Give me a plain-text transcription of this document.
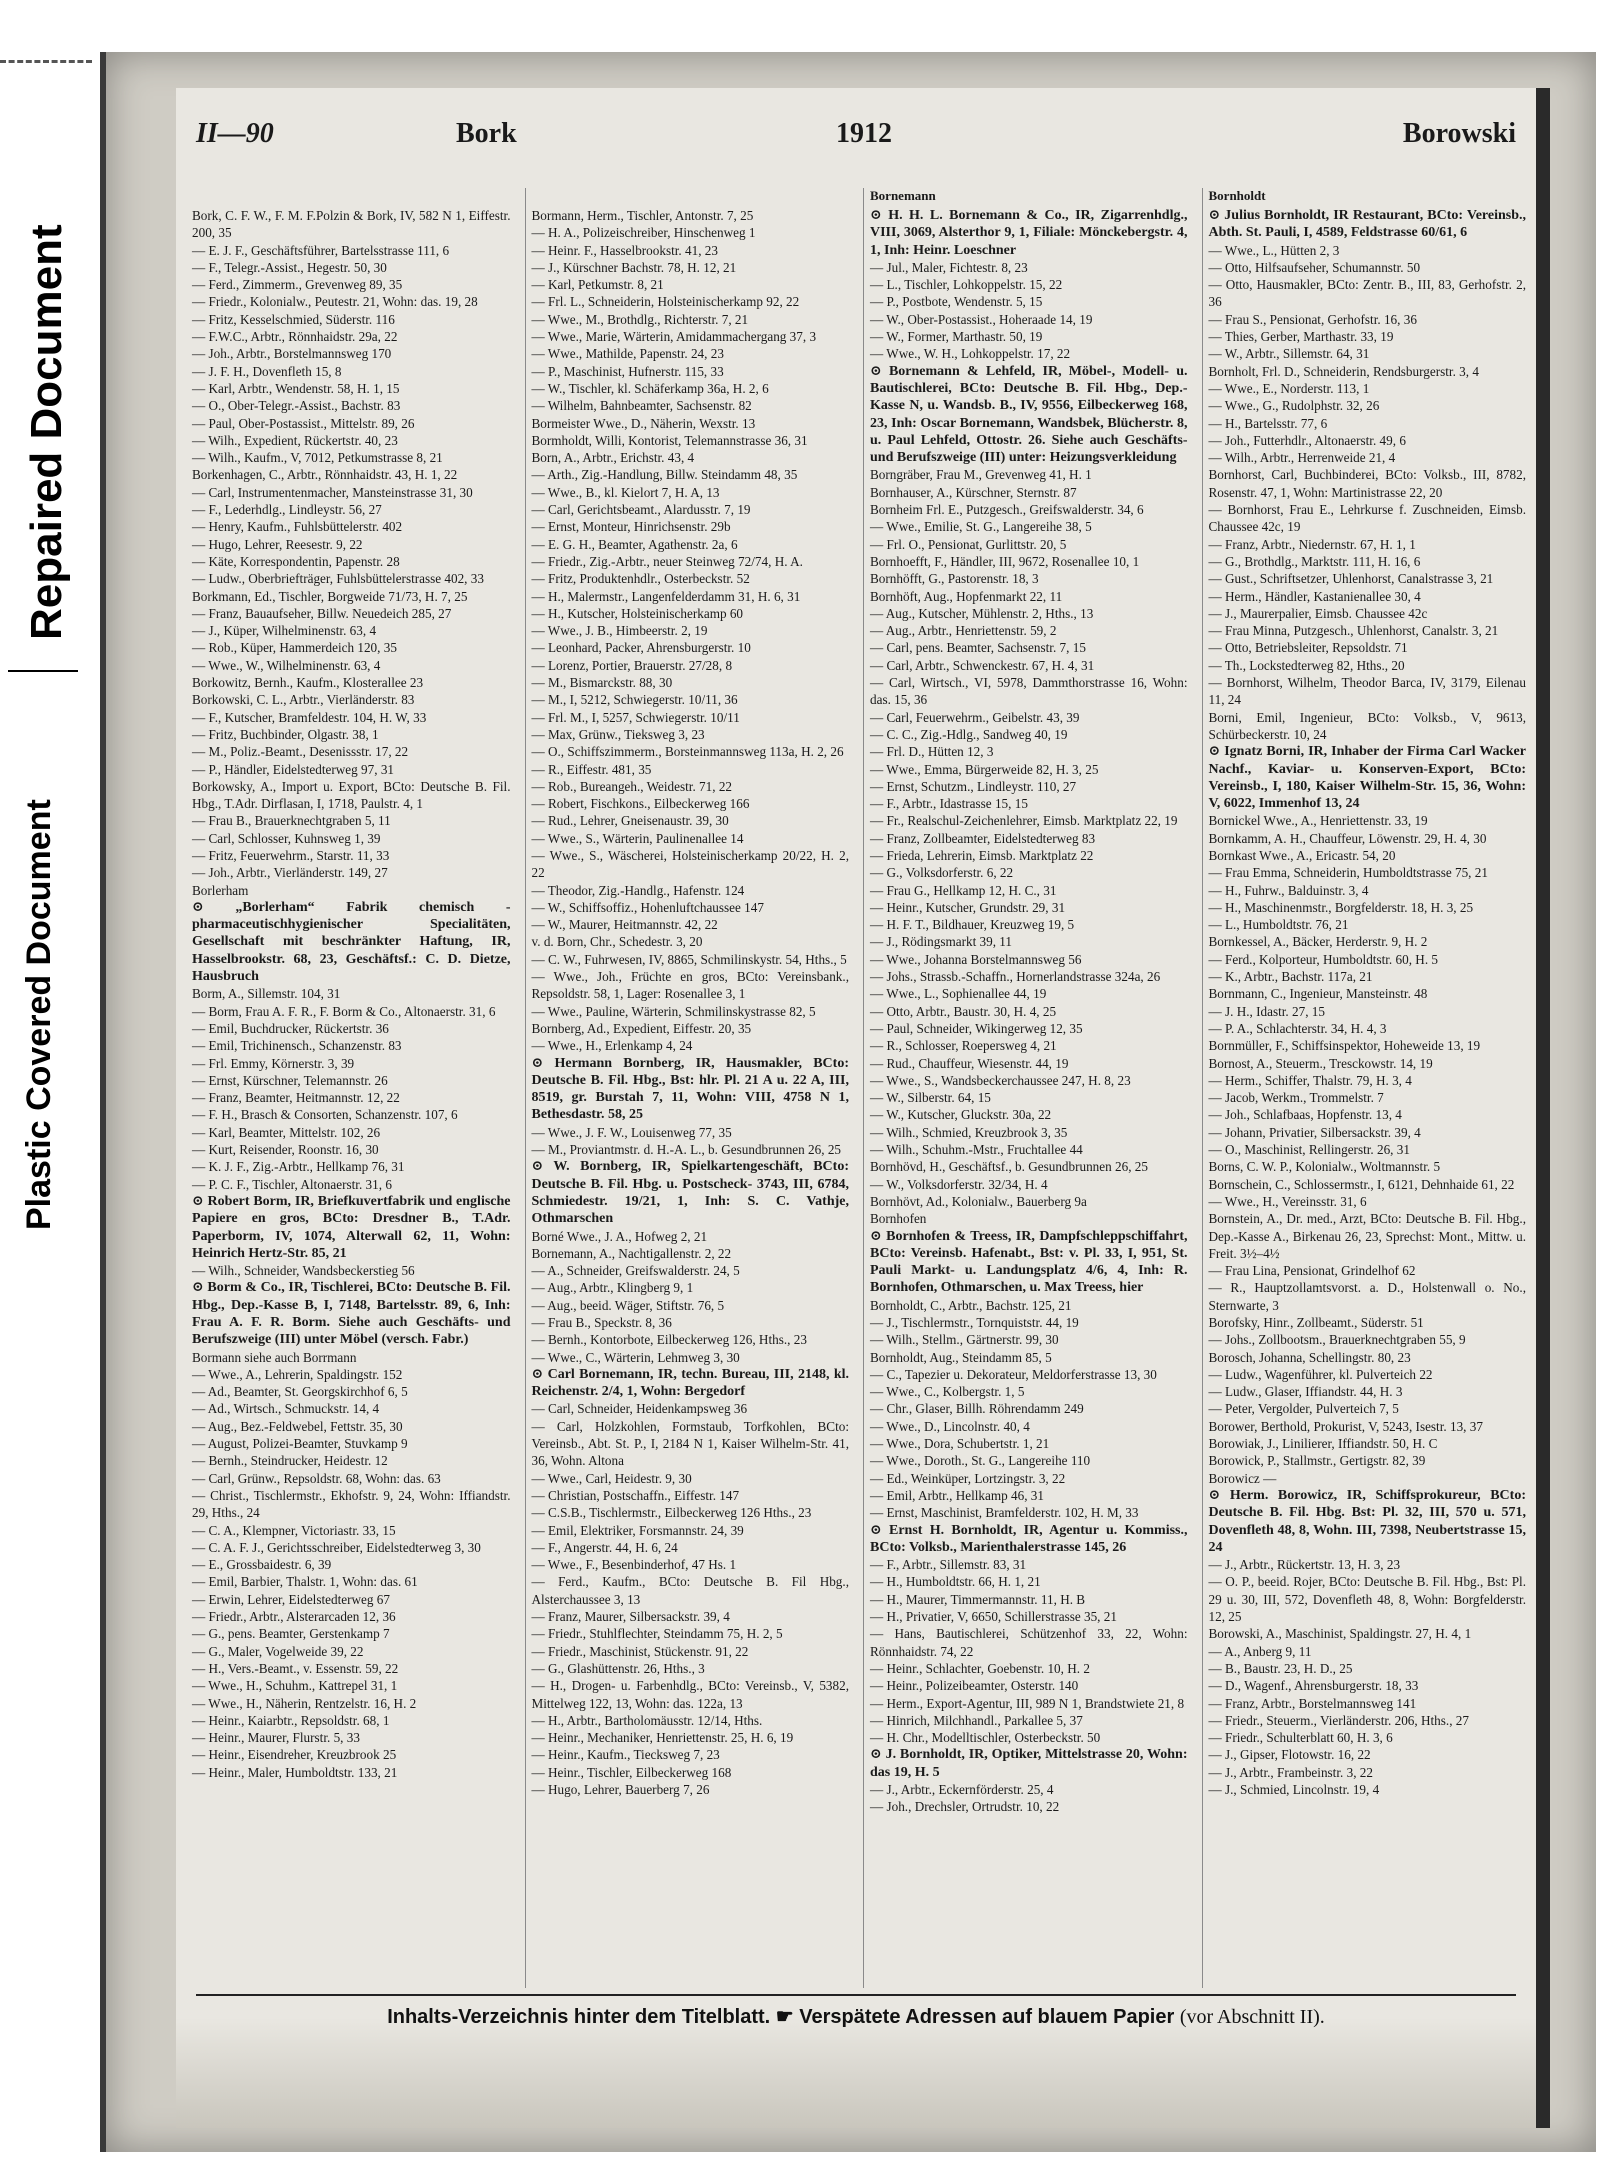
Repaired Document
Plastic Covered Document
II—90	Bork	1912	Borowski

Bork, C. F. W., F. M. F.Polzin & Bork, IV, 582 N 1, Eiffestr. 200, 35

— E. J. F., Geschäftsführer, Bartelsstrasse 111, 6

— F., Telegr.-Assist., Hegestr. 50, 30

— Ferd., Zimmerm., Grevenweg 89, 35

— Friedr., Kolonialw., Peutestr. 21, Wohn: das. 19, 28

— Fritz, Kesselschmied, Süderstr. 116

— F.W.C., Arbtr., Rönnhaidstr. 29a, 22

— Joh., Arbtr., Borstelmannsweg 170

— J. F. H., Dovenfleth 15, 8

— Karl, Arbtr., Wendenstr. 58, H. 1, 15

— O., Ober-Telegr.-Assist., Bachstr. 83

— Paul, Ober-Postassist., Mittelstr. 89, 26

— Wilh., Expedient, Rückertstr. 40, 23

— Wilh., Kaufm., V, 7012, Petkumstrasse 8, 21

Borkenhagen, C., Arbtr., Rönnhaidstr. 43, H. 1, 22

— Carl, Instrumentenmacher, Mansteinstrasse 31, 30

— F., Lederhdlg., Lindleystr. 56, 27

— Henry, Kaufm., Fuhlsbüttelerstr. 402

— Hugo, Lehrer, Reesestr. 9, 22

— Käte, Korrespondentin, Papenstr. 28

— Ludw., Oberbriefträger, Fuhlsbüttelerstrasse 402, 33

Borkmann, Ed., Tischler, Borgweide 71/73, H. 7, 25

— Franz, Bauaufseher, Billw. Neuedeich 285, 27

— J., Küper, Wilhelminenstr. 63, 4

— Rob., Küper, Hammerdeich 120, 35

— Wwe., W., Wilhelminenstr. 63, 4

Borkowitz, Bernh., Kaufm., Klosterallee 23

Borkowski, C. L., Arbtr., Vierländerstr. 83

— F., Kutscher, Bramfeldestr. 104, H. W, 33

— Fritz, Buchbinder, Olgastr. 38, 1

— M., Poliz.-Beamt., Desenissstr. 17, 22

— P., Händler, Eidelstedterweg 97, 31

Borkowsky, A., Import u. Export, BCto: Deutsche B. Fil. Hbg., T.Adr. Dirflasan, I, 1718, Paulstr. 4, 1

— Frau B., Brauerknechtgraben 5, 11

— Carl, Schlosser, Kuhnsweg 1, 39

— Fritz, Feuerwehrm., Starstr. 11, 33

— Joh., Arbtr., Vierländerstr. 149, 27

Borlerham

⊙ „Borlerham“ Fabrik chemisch - pharmaceutischhygienischer Specialitäten, Gesellschaft mit beschränkter Haftung, IR, Hasselbrookstr. 68, 23, Geschäftsf.: C. D. Dietze, Hausbruch

Borm, A., Sillemstr. 104, 31

— Borm, Frau A. F. R., F. Borm & Co., Altonaerstr. 31, 6

— Emil, Buchdrucker, Rückertstr. 36

— Emil, Trichinensch., Schanzenstr. 83

— Frl. Emmy, Körnerstr. 3, 39

— Ernst, Kürschner, Telemannstr. 26

— Franz, Beamter, Heitmannstr. 12, 22

— F. H., Brasch & Consorten, Schanzenstr. 107, 6

— Karl, Beamter, Mittelstr. 102, 26

— Kurt, Reisender, Roonstr. 16, 30

— K. J. F., Zig.-Arbtr., Hellkamp 76, 31

— P. C. F., Tischler, Altonaerstr. 31, 6

⊙ Robert Borm, IR, Briefkuvertfabrik und englische Papiere en gros, BCto: Dresdner B., T.Adr. Paperborm, IV, 1074, Alterwall 62, 11, Wohn: Heinrich Hertz-Str. 85, 21

— Wilh., Schneider, Wandsbeckerstieg 56

⊙ Borm & Co., IR, Tischlerei, BCto: Deutsche B. Fil. Hbg., Dep.-Kasse B, I, 7148, Bartelsstr. 89, 6, Inh: Frau A. F. R. Borm. Siehe auch Geschäfts- und Berufszweige (III) unter Möbel (versch. Fabr.)

Bormann siehe auch Borrmann

— Wwe., A., Lehrerin, Spaldingstr. 152

— Ad., Beamter, St. Georgskirchhof 6, 5

— Ad., Wirtsch., Schmuckstr. 14, 4

— Aug., Bez.-Feldwebel, Fettstr. 35, 30

— August, Polizei-Beamter, Stuvkamp 9

— Bernh., Steindrucker, Heidestr. 12

— Carl, Grünw., Repsoldstr. 68, Wohn: das. 63

— Christ., Tischlermstr., Ekhofstr. 9, 24, Wohn: Iffiandstr. 29, Hths., 24

— C. A., Klempner, Victoriastr. 33, 15

— C. A. F. J., Gerichtsschreiber, Eidelstedterweg 3, 30

— E., Grossbaidestr. 6, 39

— Emil, Barbier, Thalstr. 1, Wohn: das. 61

— Erwin, Lehrer, Eidelstedterweg 67

— Friedr., Arbtr., Alsterarcaden 12, 36

— G., pens. Beamter, Gerstenkamp 7

— G., Maler, Vogelweide 39, 22

— H., Vers.-Beamt., v. Essenstr. 59, 22

— Wwe., H., Schuhm., Kattrepel 31, 1

— Wwe., H., Näherin, Rentzelstr. 16, H. 2

— Heinr., Kaiarbtr., Repsoldstr. 68, 1

— Heinr., Maurer, Flurstr. 5, 33

— Heinr., Eisendreher, Kreuzbrook 25

— Heinr., Maler, Humboldtstr. 133, 21

Bormann, Herm., Tischler, Antonstr. 7, 25

— H. A., Polizeischreiber, Hinschenweg 1

— Heinr. F., Hasselbrookstr. 41, 23

— J., Kürschner Bachstr. 78, H. 12, 21

— Karl, Petkumstr. 8, 21

— Frl. L., Schneiderin, Holsteinischerkamp 92, 22

— Wwe., M., Brothdlg., Richterstr. 7, 21

— Wwe., Marie, Wärterin, Amidammachergang 37, 3

— Wwe., Mathilde, Papenstr. 24, 23

— P., Maschinist, Hufnerstr. 115, 33

— W., Tischler, kl. Schäferkamp 36a, H. 2, 6

— Wilhelm, Bahnbeamter, Sachsenstr. 82

Bormeister Wwe., D., Näherin, Wexstr. 13

Bormholdt, Willi, Kontorist, Telemannstrasse 36, 31

Born, A., Arbtr., Erichstr. 43, 4

— Arth., Zig.-Handlung, Billw. Steindamm 48, 35

— Wwe., B., kl. Kielort 7, H. A, 13

— Carl, Gerichtsbeamt., Alardusstr. 7, 19

— Ernst, Monteur, Hinrichsenstr. 29b

— E. G. H., Beamter, Agathenstr. 2a, 6

— Friedr., Zig.-Arbtr., neuer Steinweg 72/74, H. A.

— Fritz, Produktenhdlr., Osterbeckstr. 52

— H., Malermstr., Langenfelderdamm 31, H. 6, 31

— H., Kutscher, Holsteinischerkamp 60

— Wwe., J. B., Himbeerstr. 2, 19

— Leonhard, Packer, Ahrensburgerstr. 10

— Lorenz, Portier, Brauerstr. 27/28, 8

— M., Bismarckstr. 88, 30

— M., I, 5212, Schwiegerstr. 10/11, 36

— Frl. M., I, 5257, Schwiegerstr. 10/11

— Max, Grünw., Tieksweg 3, 23

— O., Schiffszimmerm., Borsteinmannsweg 113a, H. 2, 26

— R., Eiffestr. 481, 35

— Rob., Bureangeh., Weidestr. 71, 22

— Robert, Fischkons., Eilbeckerweg 166

— Rud., Lehrer, Gneisenaustr. 39, 30

— Wwe., S., Wärterin, Paulinenallee 14

— Wwe., S., Wäscherei, Holsteinischerkamp 20/22, H. 2, 22

— Theodor, Zig.-Handlg., Hafenstr. 124

— W., Schiffsoffiz., Hohenluftchaussee 147

— W., Maurer, Heitmannstr. 42, 22

v. d. Born, Chr., Schedestr. 3, 20

— C. W., Fuhrwesen, IV, 8865, Schmilinskystr. 54, Hths., 5

— Wwe., Joh., Früchte en gros, BCto: Vereinsbank., Repsoldstr. 58, 1, Lager: Rosenallee 3, 1

— Wwe., Pauline, Wärterin, Schmilinskystrasse 82, 5

Bornberg, Ad., Expedient, Eiffestr. 20, 35

— Wwe., H., Erlenkamp 4, 24

⊙ Hermann Bornberg, IR, Hausmakler, BCto: Deutsche B. Fil. Hbg., Bst: hlr. Pl. 21 A u. 22 A, III, 8519, gr. Burstah 7, 11, Wohn: VIII, 4758 N 1, Bethesdastr. 58, 25

— Wwe., J. F. W., Louisenweg 77, 35

— M., Proviantmstr. d. H.-A. L., b. Gesundbrunnen 26, 25

⊙ W. Bornberg, IR, Spielkartengeschäft, BCto: Deutsche B. Fil. Hbg. u. Postscheck- 3743, III, 6784, Schmiedestr. 19/21, 1, Inh: S. C. Vathje, Othmarschen

Borné Wwe., J. A., Hofweg 2, 21

Bornemann, A., Nachtigallenstr. 2, 22

— A., Schneider, Greifswalderstr. 24, 5

— Aug., Arbtr., Klingberg 9, 1

— Aug., beeid. Wäger, Stiftstr. 76, 5

— Frau B., Speckstr. 8, 36

— Bernh., Kontorbote, Eilbeckerweg 126, Hths., 23

— Wwe., C., Wärterin, Lehmweg 3, 30

⊙ Carl Bornemann, IR, techn. Bureau, III, 2148, kl. Reichenstr. 2/4, 1, Wohn: Bergedorf

— Carl, Schneider, Heidenkampsweg 36

— Carl, Holzkohlen, Formstaub, Torfkohlen, BCto: Vereinsb., Abt. St. P., I, 2184 N 1, Kaiser Wilhelm-Str. 41, 36, Wohn. Altona

— Wwe., Carl, Heidestr. 9, 30

— Christian, Postschaffn., Eiffestr. 147

— C.S.B., Tischlermstr., Eilbeckerweg 126 Hths., 23

— Emil, Elektriker, Forsmannstr. 24, 39

— F., Angerstr. 44, H. 6, 24

— Wwe., F., Besenbinderhof, 47 Hs. 1

— Ferd., Kaufm., BCto: Deutsche B. Fil Hbg., Alsterchaussee 3, 13

— Franz, Maurer, Silbersackstr. 39, 4

— Friedr., Stuhlflechter, Steindamm 75, H. 2, 5

— Friedr., Maschinist, Stückenstr. 91, 22

— G., Glashüttenstr. 26, Hths., 3

— H., Drogen- u. Farbenhdlg., BCto: Vereinsb., V, 5382, Mittelweg 122, 13, Wohn: das. 122a, 13

— H., Arbtr., Bartholomäusstr. 12/14, Hths.

— Heinr., Mechaniker, Henriettenstr. 25, H. 6, 19

— Heinr., Kaufm., Tiecksweg 7, 23

— Heinr., Tischler, Eilbeckerweg 168

— Hugo, Lehrer, Bauerberg 7, 26

Bornemann

⊙ H. H. L. Bornemann & Co., IR, Zigarrenhdlg., VIII, 3069, Alsterthor 9, 1, Filiale: Mönckebergstr. 4, 1, Inh: Heinr. Loeschner

— Jul., Maler, Fichtestr. 8, 23

— L., Tischler, Lohkoppelstr. 15, 22

— P., Postbote, Wendenstr. 5, 15

— W., Ober-Postassist., Hoheraade 14, 19

— W., Former, Marthastr. 50, 19

— Wwe., W. H., Lohkoppelstr. 17, 22

⊙ Bornemann & Lehfeld, IR, Möbel-, Modell- u. Bautischlerei, BCto: Deutsche B. Fil. Hbg., Dep.-Kasse N, u. Wandsb. B., IV, 9556, Eilbeckerweg 168, 23, Inh: Oscar Bornemann, Wandsbek, Blücherstr. 8, u. Paul Lehfeld, Ottostr. 26. Siehe auch Geschäfts- und Berufszweige (III) unter: Heizungsverkleidung

Borngräber, Frau M., Grevenweg 41, H. 1

Bornhauser, A., Kürschner, Sternstr. 87

Bornheim Frl. E., Putzgesch., Greifswalderstr. 34, 6

— Wwe., Emilie, St. G., Langereihe 38, 5

— Frl. O., Pensionat, Gurlittstr. 20, 5

Bornhoefft, F., Händler, III, 9672, Rosenallee 10, 1

Bornhöfft, G., Pastorenstr. 18, 3

Bornhöft, Aug., Hopfenmarkt 22, 11

— Aug., Kutscher, Mühlenstr. 2, Hths., 13

— Aug., Arbtr., Henriettenstr. 59, 2

— Carl, pens. Beamter, Sachsenstr. 7, 15

— Carl, Arbtr., Schwenckestr. 67, H. 4, 31

— Carl, Wirtsch., VI, 5978, Dammthorstrasse 16, Wohn: das. 15, 36

— Carl, Feuerwehrm., Geibelstr. 43, 39

— C. C., Zig.-Hdlg., Sandweg 40, 19

— Frl. D., Hütten 12, 3

— Wwe., Emma, Bürgerweide 82, H. 3, 25

— Ernst, Schutzm., Lindleystr. 110, 27

— F., Arbtr., Idastrasse 15, 15

— Fr., Realschul-Zeichenlehrer, Eimsb. Marktplatz 22, 19

— Franz, Zollbeamter, Eidelstedterweg 83

— Frieda, Lehrerin, Eimsb. Marktplatz 22

— G., Volksdorferstr. 6, 22

— Frau G., Hellkamp 12, H. C., 31

— Heinr., Kutscher, Grundstr. 29, 31

— H. F. T., Bildhauer, Kreuzweg 19, 5

— J., Rödingsmarkt 39, 11

— Wwe., Johanna Borstelmannsweg 56

— Johs., Strassb.-Schaffn., Hornerlandstrasse 324a, 26

— Wwe., L., Sophienallee 44, 19

— Otto, Arbtr., Baustr. 30, H. 4, 25

— Paul, Schneider, Wikingerweg 12, 35

— R., Schlosser, Roepersweg 4, 21

— Rud., Chauffeur, Wiesenstr. 44, 19

— Wwe., S., Wandsbeckerchaussee 247, H. 8, 23

— W., Silberstr. 64, 15

— W., Kutscher, Gluckstr. 30a, 22

— Wilh., Schmied, Kreuzbrook 3, 35

— Wilh., Schuhm.-Mstr., Fruchtallee 44

Bornhövd, H., Geschäftsf., b. Gesundbrunnen 26, 25

— W., Volksdorferstr. 32/34, H. 4

Bornhövt, Ad., Kolonialw., Bauerberg 9a

Bornhofen

⊙ Bornhofen & Treess, IR, Dampfschleppschiffahrt, BCto: Vereinsb. Hafenabt., Bst: v. Pl. 33, I, 951, St. Pauli Markt- u. Landungsplatz 4/6, 4, Inh: R. Bornhofen, Othmarschen, u. Max Treess, hier

Bornholdt, C., Arbtr., Bachstr. 125, 21

— J., Tischlermstr., Tornquiststr. 44, 19

— Wilh., Stellm., Gärtnerstr. 99, 30

Bornholdt, Aug., Steindamm 85, 5

— C., Tapezier u. Dekorateur, Meldorferstrasse 13, 30

— Wwe., C., Kolbergstr. 1, 5

— Chr., Glaser, Billh. Röhrendamm 249

— Wwe., D., Lincolnstr. 40, 4

— Wwe., Dora, Schubertstr. 1, 21

— Wwe., Doroth., St. G., Langereihe 110

— Ed., Weinküper, Lortzingstr. 3, 22

— Emil, Arbtr., Hellkamp 46, 31

— Ernst, Maschinist, Bramfelderstr. 102, H. M, 33

⊙ Ernst H. Bornholdt, IR, Agentur u. Kommiss., BCto: Volksb., Marienthalerstrasse 145, 26

— F., Arbtr., Sillemstr. 83, 31

— H., Humboldtstr. 66, H. 1, 21

— H., Maurer, Timmermannstr. 11, H. B

— H., Privatier, V, 6650, Schillerstrasse 35, 21

— Hans, Bautischlerei, Schützenhof 33, 22, Wohn: Rönnhaidstr. 74, 22

— Heinr., Schlachter, Goebenstr. 10, H. 2

— Heinr., Polizeibeamter, Osterstr. 140

— Herm., Export-Agentur, III, 989 N 1, Brandstwiete 21, 8

— Hinrich, Milchhandl., Parkallee 5, 37

— H. Chr., Modelltischler, Osterbeckstr. 50

⊙ J. Bornholdt, IR, Optiker, Mittelstrasse 20, Wohn: das 19, H. 5

— J., Arbtr., Eckernförderstr. 25, 4

— Joh., Drechsler, Ortrudstr. 10, 22

Bornholdt

⊙ Julius Bornholdt, IR Restaurant, BCto: Vereinsb., Abth. St. Pauli, I, 4589, Feldstrasse 60/61, 6

— Wwe., L., Hütten 2, 3

— Otto, Hilfsaufseher, Schumannstr. 50

— Otto, Hausmakler, BCto: Zentr. B., III, 83, Gerhofstr. 2, 36

— Frau S., Pensionat, Gerhofstr. 16, 36

— Thies, Gerber, Marthastr. 33, 19

— W., Arbtr., Sillemstr. 64, 31

Bornholt, Frl. D., Schneiderin, Rendsburgerstr. 3, 4

— Wwe., E., Norderstr. 113, 1

— Wwe., G., Rudolphstr. 32, 26

— H., Bartelsstr. 77, 6

— Joh., Futterhdlr., Altonaerstr. 49, 6

— Wilh., Arbtr., Herrenweide 21, 4

Bornhorst, Carl, Buchbinderei, BCto: Volksb., III, 8782, Rosenstr. 47, 1, Wohn: Martinistrasse 22, 20

— Bornhorst, Frau E., Lehrkurse f. Zuschneiden, Eimsb. Chaussee 42c, 19

— Franz, Arbtr., Niedernstr. 67, H. 1, 1

— G., Brothdlg., Marktstr. 111, H. 16, 6

— Gust., Schriftsetzer, Uhlenhorst, Canalstrasse 3, 21

— Herm., Händler, Kastanienallee 30, 4

— J., Maurerpalier, Eimsb. Chaussee 42c

— Frau Minna, Putzgesch., Uhlenhorst, Canalstr. 3, 21

— Otto, Betriebsleiter, Repsoldstr. 71

— Th., Lockstedterweg 82, Hths., 20

— Bornhorst, Wilhelm, Theodor Barca, IV, 3179, Eilenau 11, 24

Borni, Emil, Ingenieur, BCto: Volksb., V, 9613, Schürbeckerstr. 10, 24

⊙ Ignatz Borni, IR, Inhaber der Firma Carl Wacker Nachf., Kaviar- u. Konserven-Export, BCto: Vereinsb., I, 180, Kaiser Wilhelm-Str. 15, 36, Wohn: V, 6022, Immenhof 13, 24

Bornickel Wwe., A., Henriettenstr. 33, 19

Bornkamm, A. H., Chauffeur, Löwenstr. 29, H. 4, 30

Bornkast Wwe., A., Ericastr. 54, 20

— Frau Emma, Schneiderin, Humboldtstrasse 75, 21

— H., Fuhrw., Balduinstr. 3, 4

— H., Maschinenmstr., Borgfelderstr. 18, H. 3, 25

— L., Humboldtstr. 76, 21

Bornkessel, A., Bäcker, Herderstr. 9, H. 2

— Ferd., Kolporteur, Humboldtstr. 60, H. 5

— K., Arbtr., Bachstr. 117a, 21

Bornmann, C., Ingenieur, Mansteinstr. 48

— J. H., Idastr. 27, 15

— P. A., Schlachterstr. 34, H. 4, 3

Bornmüller, F., Schiffsinspektor, Hoheweide 13, 19

Bornost, A., Steuerm., Tresckowstr. 14, 19

— Herm., Schiffer, Thalstr. 79, H. 3, 4

— Jacob, Werkm., Trommelstr. 7

— Joh., Schlafbaas, Hopfenstr. 13, 4

— Johann, Privatier, Silbersackstr. 39, 4

— O., Maschinist, Rellingerstr. 26, 31

Borns, C. W. P., Kolonialw., Woltmannstr. 5

Bornschein, C., Schlossermstr., I, 6121, Dehnhaide 61, 22

— Wwe., H., Vereinsstr. 31, 6

Bornstein, A., Dr. med., Arzt, BCto: Deutsche B. Fil. Hbg., Dep.-Kasse A., Birkenau 26, 23, Sprechst: Mont., Mittw. u. Freit. 3½–4½

— Frau Lina, Pensionat, Grindelhof 62

— R., Hauptzollamtsvorst. a. D., Holstenwall o. No., Sternwarte, 3

Borofsky, Hinr., Zollbeamt., Süderstr. 51

— Johs., Zollbootsm., Brauerknechtgraben 55, 9

Borosch, Johanna, Schellingstr. 80, 23

— Ludw., Wagenführer, kl. Pulverteich 22

— Ludw., Glaser, Iffiandstr. 44, H. 3

— Peter, Vergolder, Pulverteich 7, 5

Borower, Berthold, Prokurist, V, 5243, Isestr. 13, 37

Borowiak, J., Linilierer, Iffiandstr. 50, H. C

Borowick, P., Stallmstr., Gertigstr. 82, 39

Borowicz —

⊙ Herm. Borowicz, IR, Schiffsprokureur, BCto: Deutsche B. Fil. Hbg. Bst: Pl. 32, III, 570 u. 571, Dovenfleth 48, 8, Wohn. III, 7398, Neubertstrasse 15, 24

— J., Arbtr., Rückertstr. 13, H. 3, 23

— O. P., beeid. Rojer, BCto: Deutsche B. Fil. Hbg., Bst: Pl. 29 u. 30, III, 572, Dovenfleth 48, 8, Wohn: Borgfelderstr. 12, 25

Borowski, A., Maschinist, Spaldingstr. 27, H. 4, 1

— A., Anberg 9, 11

— B., Baustr. 23, H. D., 25

— D., Wagenf., Ahrensburgerstr. 18, 33

— Franz, Arbtr., Borstelmannsweg 141

— Friedr., Steuerm., Vierländerstr. 206, Hths., 27

— Friedr., Schulterblatt 60, H. 3, 6

— J., Gipser, Flotowstr. 16, 22

— J., Arbtr., Frambeinstr. 3, 22

— J., Schmied, Lincolnstr. 19, 4

Inhalts-Verzeichnis hinter dem Titelblatt. ☛ Verspätete Adressen auf blauem Papier (vor Abschnitt II).
